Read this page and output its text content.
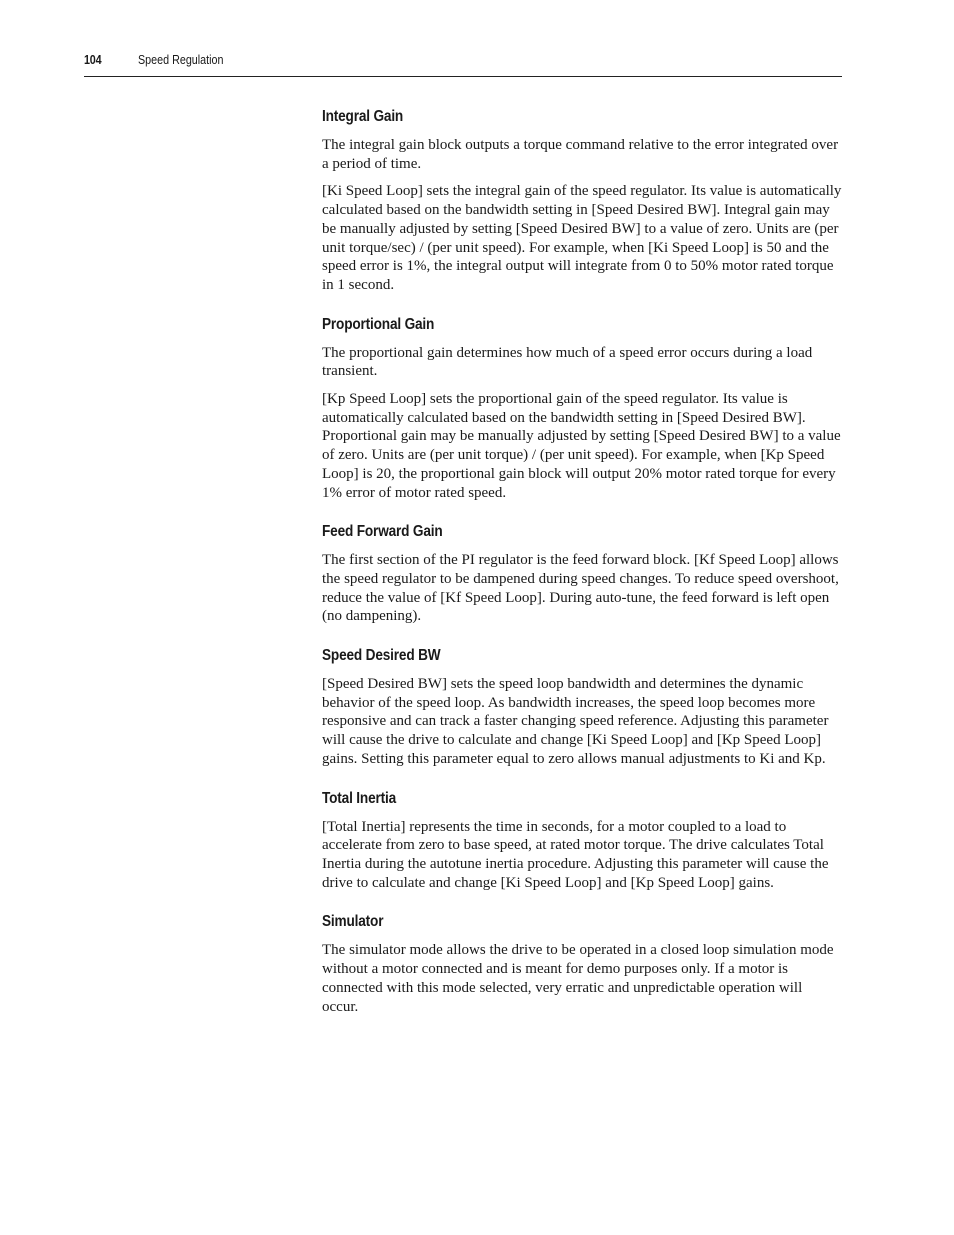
104	Speed Regulation
Integral Gain

The integral gain block outputs a torque command relative to the error integrated over a period of time.

[Ki Speed Loop] sets the integral gain of the speed regulator. Its value is automatically calculated based on the bandwidth setting in [Speed Desired BW]. Integral gain may be manually adjusted by setting [Speed Desired BW] to a value of zero. Units are (per unit torque/sec) / (per unit speed). For example, when [Ki Speed Loop] is 50 and the speed error is 1%, the integral output will integrate from 0 to 50% motor rated torque in 1 second.

Proportional Gain

The proportional gain determines how much of a speed error occurs during a load transient.

[Kp Speed Loop] sets the proportional gain of the speed regulator. Its value is automatically calculated based on the bandwidth setting in [Speed Desired BW]. Proportional gain may be manually adjusted by setting [Speed Desired BW] to a value of zero. Units are (per unit torque) / (per unit speed). For example, when [Kp Speed Loop] is 20, the proportional gain block will output 20% motor rated torque for every 1% error of motor rated speed.

Feed Forward Gain

The first section of the PI regulator is the feed forward block. [Kf Speed Loop] allows the speed regulator to be dampened during speed changes. To reduce speed overshoot, reduce the value of [Kf Speed Loop]. During auto-tune, the feed forward is left open (no dampening).

Speed Desired BW

[Speed Desired BW] sets the speed loop bandwidth and determines the dynamic behavior of the speed loop. As bandwidth increases, the speed loop becomes more responsive and can track a faster changing speed reference. Adjusting this parameter will cause the drive to calculate and change [Ki Speed Loop] and [Kp Speed Loop] gains. Setting this parameter equal to zero allows manual adjustments to Ki and Kp.

Total Inertia

[Total Inertia] represents the time in seconds, for a motor coupled to a load to accelerate from zero to base speed, at rated motor torque. The drive calculates Total Inertia during the autotune inertia procedure. Adjusting this parameter will cause the drive to calculate and change [Ki Speed Loop] and [Kp Speed Loop] gains.

Simulator

The simulator mode allows the drive to be operated in a closed loop simulation mode without a motor connected and is meant for demo purposes only. If a motor is connected with this mode selected, very erratic and unpredictable operation will occur.
